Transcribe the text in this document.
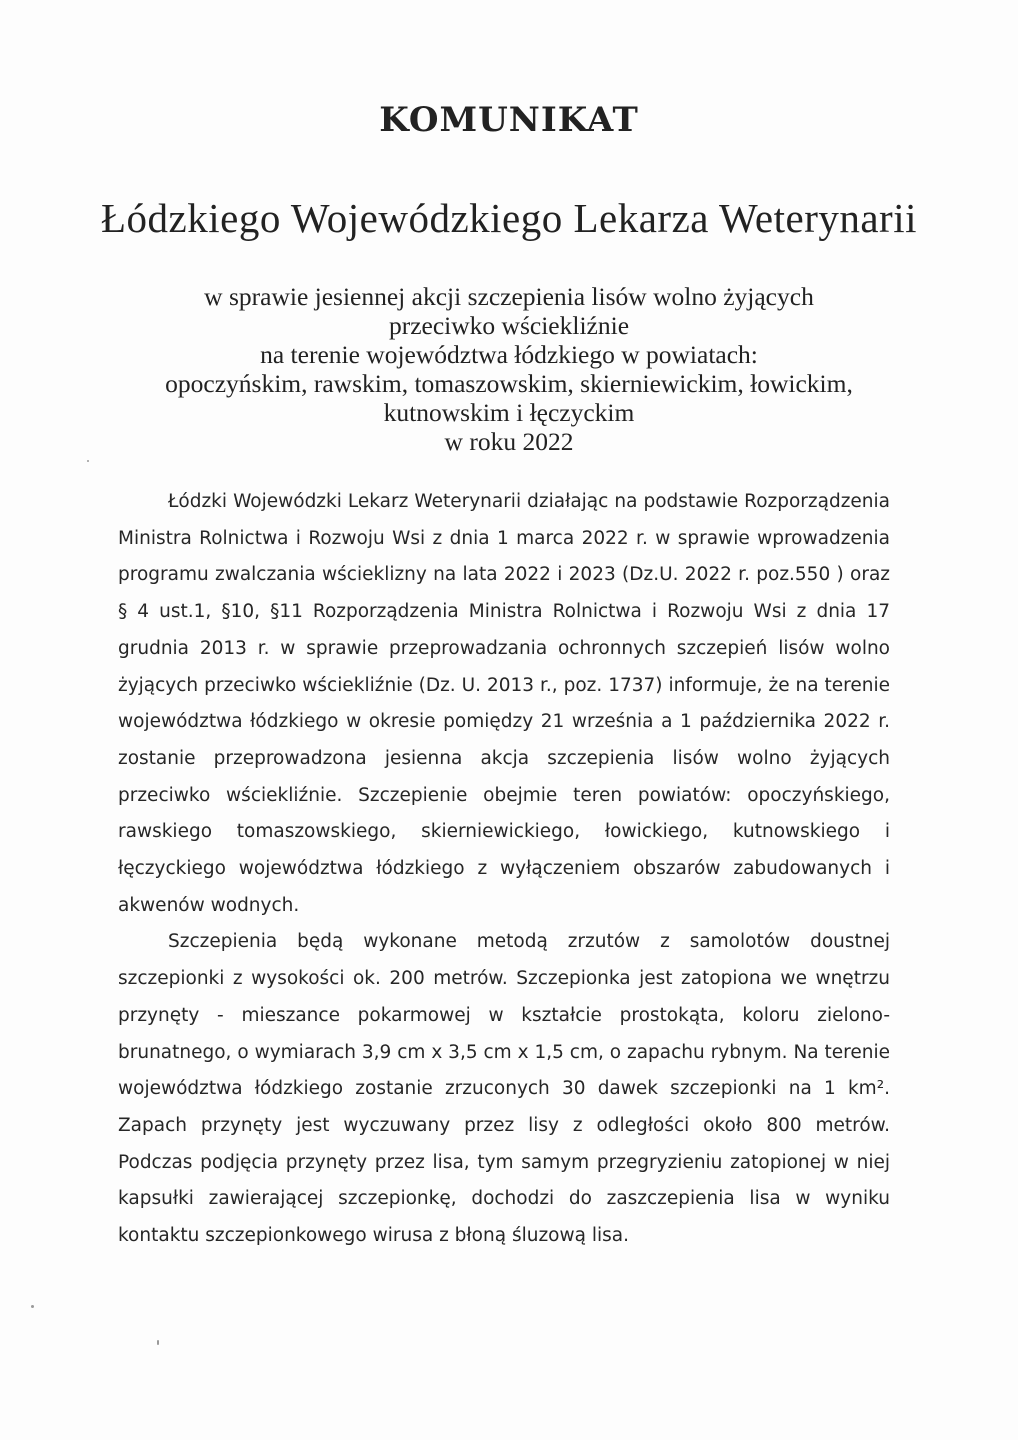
KOMUNIKAT
Łódzkiego Wojewódzkiego Lekarza Weterynarii
w sprawie jesiennej akcji szczepienia lisów wolno żyjących
przeciwko wściekliźnie
na terenie województwa łódzkiego w powiatach:
opoczyńskim, rawskim, tomaszowskim, skierniewickim, łowickim,
kutnowskim i łęczyckim
w roku 2022

Łódzki Wojewódzki Lekarz Weterynarii działając na podstawie Rozporządzenia Ministra Rolnictwa i Rozwoju Wsi z dnia 1 marca 2022 r. w sprawie wprowadzenia programu zwalczania wścieklizny na lata 2022 i 2023 (Dz.U. 2022 r. poz.550 ) oraz § 4 ust.1, §10, §11 Rozporządzenia Ministra Rolnictwa i Rozwoju Wsi z dnia 17 grudnia 2013 r. w sprawie przeprowadzania ochronnych szczepień lisów wolno żyjących przeciwko wściekliźnie (Dz. U. 2013 r., poz. 1737) informuje, że na terenie województwa łódzkiego w okresie pomiędzy 21 września a 1 października 2022 r. zostanie przeprowadzona jesienna akcja szczepienia lisów wolno żyjących przeciwko wściekliźnie. Szczepienie obejmie teren powiatów: opoczyńskiego, rawskiego tomaszowskiego, skierniewickiego, łowickiego, kutnowskiego i łęczyckiego województwa łódzkiego z wyłączeniem obszarów zabudowanych i akwenów wodnych.

Szczepienia będą wykonane metodą zrzutów z samolotów doustnej szczepionki z wysokości ok. 200 metrów. Szczepionka jest zatopiona we wnętrzu przynęty - mieszance pokarmowej w kształcie prostokąta, koloru zielono-brunatnego, o wymiarach 3,9 cm x 3,5 cm x 1,5 cm, o zapachu rybnym. Na terenie województwa łódzkiego zostanie zrzuconych 30 dawek szczepionki na 1 km². Zapach przynęty jest wyczuwany przez lisy z odległości około 800 metrów. Podczas podjęcia przynęty przez lisa, tym samym przegryzieniu zatopionej w niej kapsułki zawierającej szczepionkę, dochodzi do zaszczepienia lisa w wyniku kontaktu szczepionkowego wirusa z błoną śluzową lisa.
